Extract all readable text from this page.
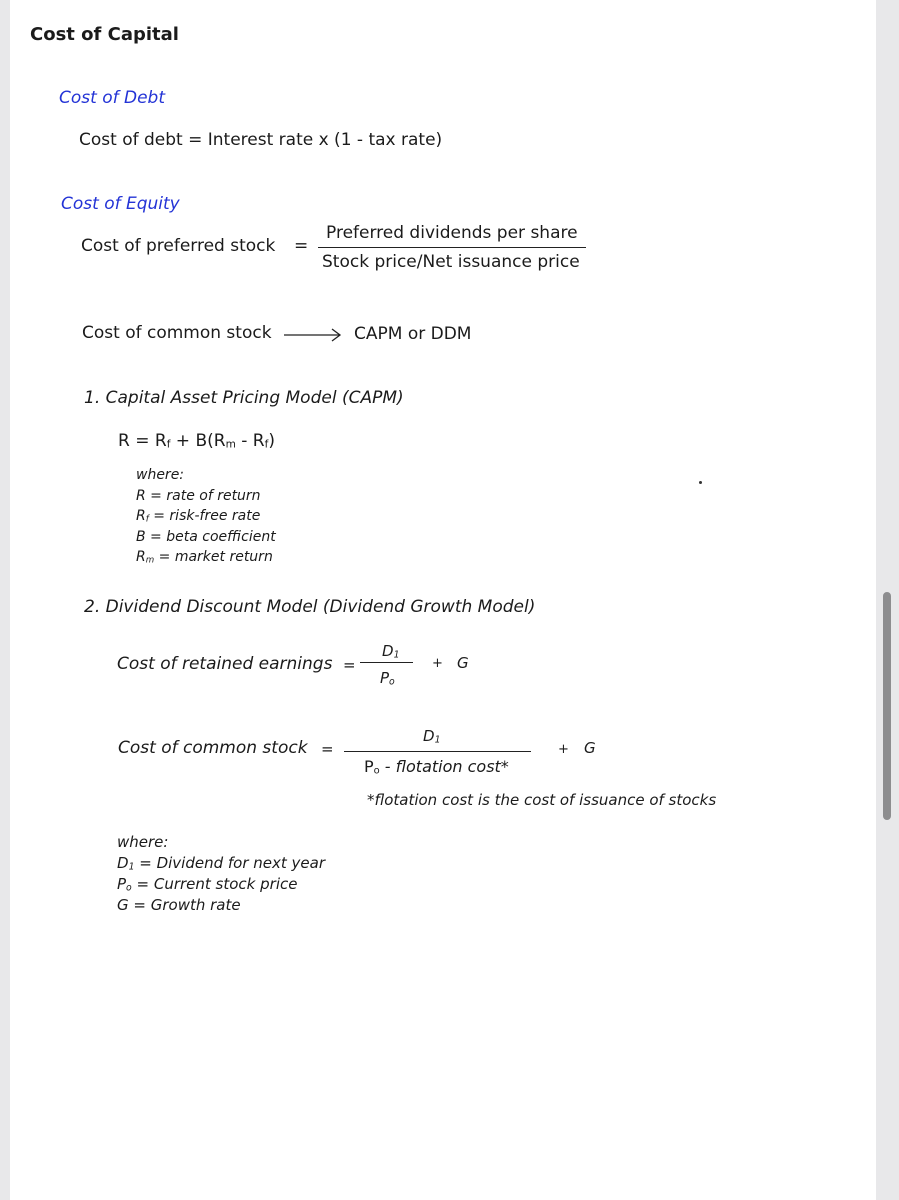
Cost of Capital
Cost of Debt
Cost of debt = Interest rate x (1 - tax rate)
Cost of Equity
Cost of preferred stock =
Preferred dividends per share
Stock price/Net issuance price
Cost of common stock	CAPM or DDM
1. Capital Asset Pricing Model (CAPM)
$R = R_f + B(R_m - R_f)$
where:
R = rate of return
$R_f$ = risk-free rate
B = beta coefficient
$R_m$ = market return
2. Dividend Discount Model (Dividend Growth Model)
Cost of retained earnings =
$D_1$
$P_o$
+ G
Cost of common stock =
$D_1$
$P_o$ - flotation cost*
+ G
*flotation cost is the cost of issuance of stocks
where:
$D_1$ = Dividend for next year
$P_o$ = Current stock price
G = Growth rate
